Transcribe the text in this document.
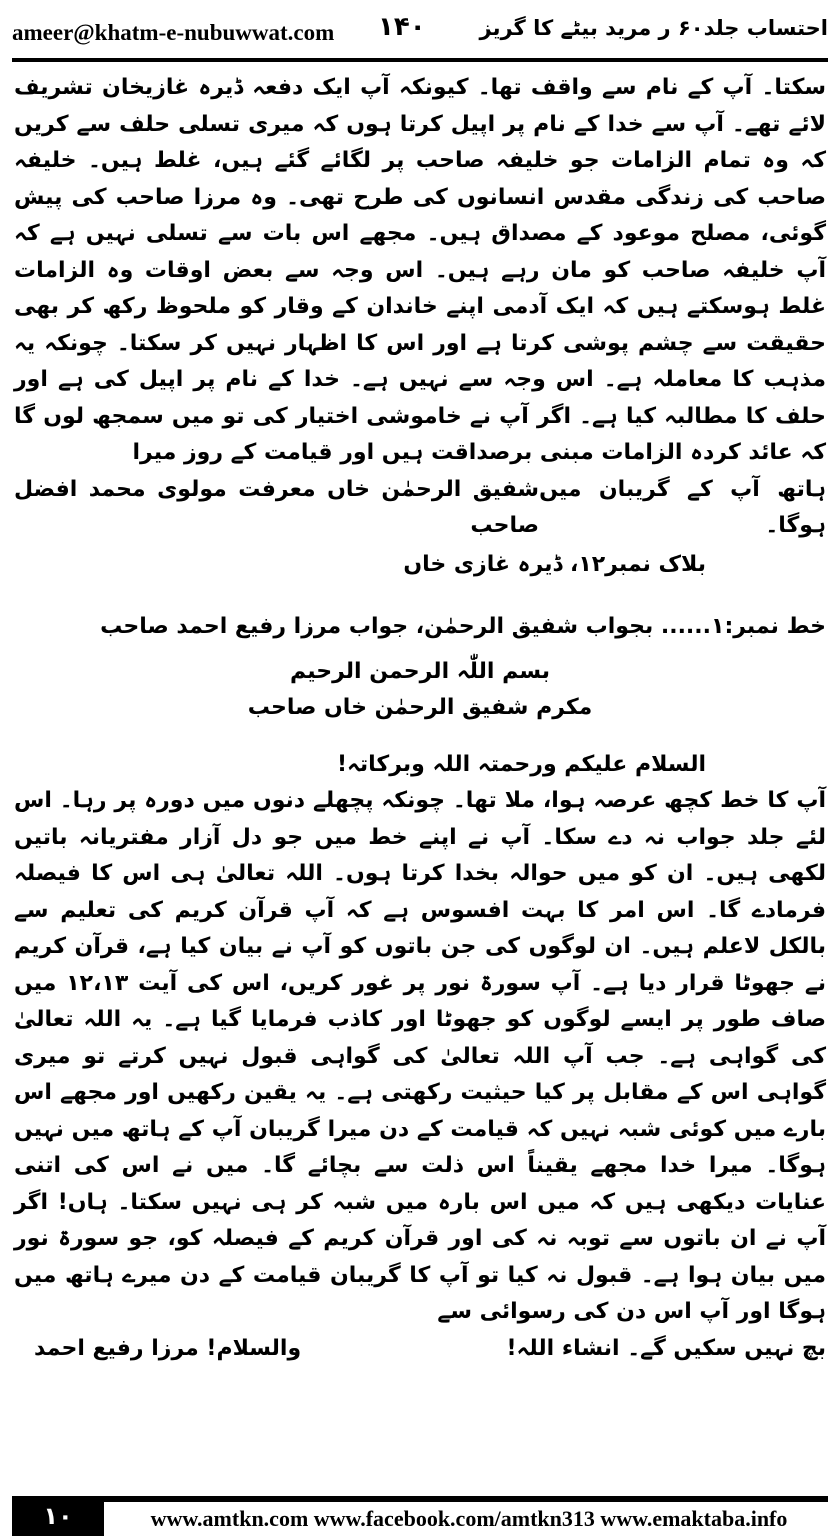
ameer@khatm-e-nubuwwat.com ۱۴۰	احتساب جلد۶۰ ر مرید بیٹے کا گریز

سکتا۔ آپ کے نام سے واقف تھا۔ کیونکہ آپ ایک دفعہ ڈیرہ غازیخان تشریف لائے تھے۔ آپ سے خدا کے نام پر اپیل کرتا ہوں کہ میری تسلی حلف سے کریں کہ وہ تمام الزامات جو خلیفہ صاحب پر لگائے گئے ہیں، غلط ہیں۔ خلیفہ صاحب کی زندگی مقدس انسانوں کی طرح تھی۔ وہ مرزا صاحب کی پیش گوئی، مصلح موعود کے مصداق ہیں۔ مجھے اس بات سے تسلی نہیں ہے کہ آپ خلیفہ صاحب کو مان رہے ہیں۔ اس وجہ سے بعض اوقات وہ الزامات غلط ہوسکتے ہیں کہ ایک آدمی اپنے خاندان کے وقار کو ملحوظ رکھ کر بھی حقیقت سے چشم پوشی کرتا ہے اور اس کا اظہار نہیں کر سکتا۔ چونکہ یہ مذہب کا معاملہ ہے۔ اس وجہ سے نہیں ہے۔ خدا کے نام پر اپیل کی ہے اور حلف کا مطالبہ کیا ہے۔ اگر آپ نے خاموشی اختیار کی تو میں سمجھ لوں گا کہ عائد کردہ الزامات مبنی برصداقت ہیں اور قیامت کے روز میرا

ہاتھ آپ کے گریبان میں ہوگا۔
شفیق الرحمٰن خاں معرفت مولوی محمد افضل صاحب
بلاک نمبر۱۲، ڈیرہ غازی خاں
خط نمبر:۱...... بجواب شفیق الرحمٰن، جواب مرزا رفیع احمد صاحب
بسم اللّٰہ الرحمن الرحیم
مکرم شفیق الرحمٰن خاں صاحب
السلام علیکم ورحمتہ اللہ وبرکاتہ!

آپ کا خط کچھ عرصہ ہوا، ملا تھا۔ چونکہ پچھلے دنوں میں دورہ پر رہا۔ اس لئے جلد جواب نہ دے سکا۔ آپ نے اپنے خط میں جو دل آزار مفتریانہ باتیں لکھی ہیں۔ ان کو میں حوالہ بخدا کرتا ہوں۔ اللہ تعالیٰ ہی اس کا فیصلہ فرمادے گا۔ اس امر کا بہت افسوس ہے کہ آپ قرآن کریم کی تعلیم سے بالکل لاعلم ہیں۔ ان لوگوں کی جن باتوں کو آپ نے بیان کیا ہے، قرآن کریم نے جھوٹا قرار دیا ہے۔ آپ سورۃ نور پر غور کریں، اس کی آیت ۱۲،۱۳ میں صاف طور پر ایسے لوگوں کو جھوٹا اور کاذب فرمایا گیا ہے۔ یہ اللہ تعالیٰ کی گواہی ہے۔ جب آپ اللہ تعالیٰ کی گواہی قبول نہیں کرتے تو میری گواہی اس کے مقابل پر کیا حیثیت رکھتی ہے۔ یہ یقین رکھیں اور مجھے اس بارے میں کوئی شبہ نہیں کہ قیامت کے دن میرا گریبان آپ کے ہاتھ میں نہیں ہوگا۔ میرا خدا مجھے یقیناً اس ذلت سے بچائے گا۔ میں نے اس کی اتنی عنایات دیکھی ہیں کہ میں اس بارہ میں شبہ کر ہی نہیں سکتا۔ ہاں! اگر آپ نے ان باتوں سے توبہ نہ کی اور قرآن کریم کے فیصلہ کو، جو سورۃ نور میں بیان ہوا ہے۔ قبول نہ کیا تو آپ کا گریبان قیامت کے دن میرے ہاتھ میں ہوگا اور آپ اس دن کی رسوائی سے

بچ نہیں سکیں گے۔ انشاء اللہ!
والسلام! مرزا رفیع احمد
۱۰	www.amtkn.com www.facebook.com/amtkn313 www.emaktaba.info
